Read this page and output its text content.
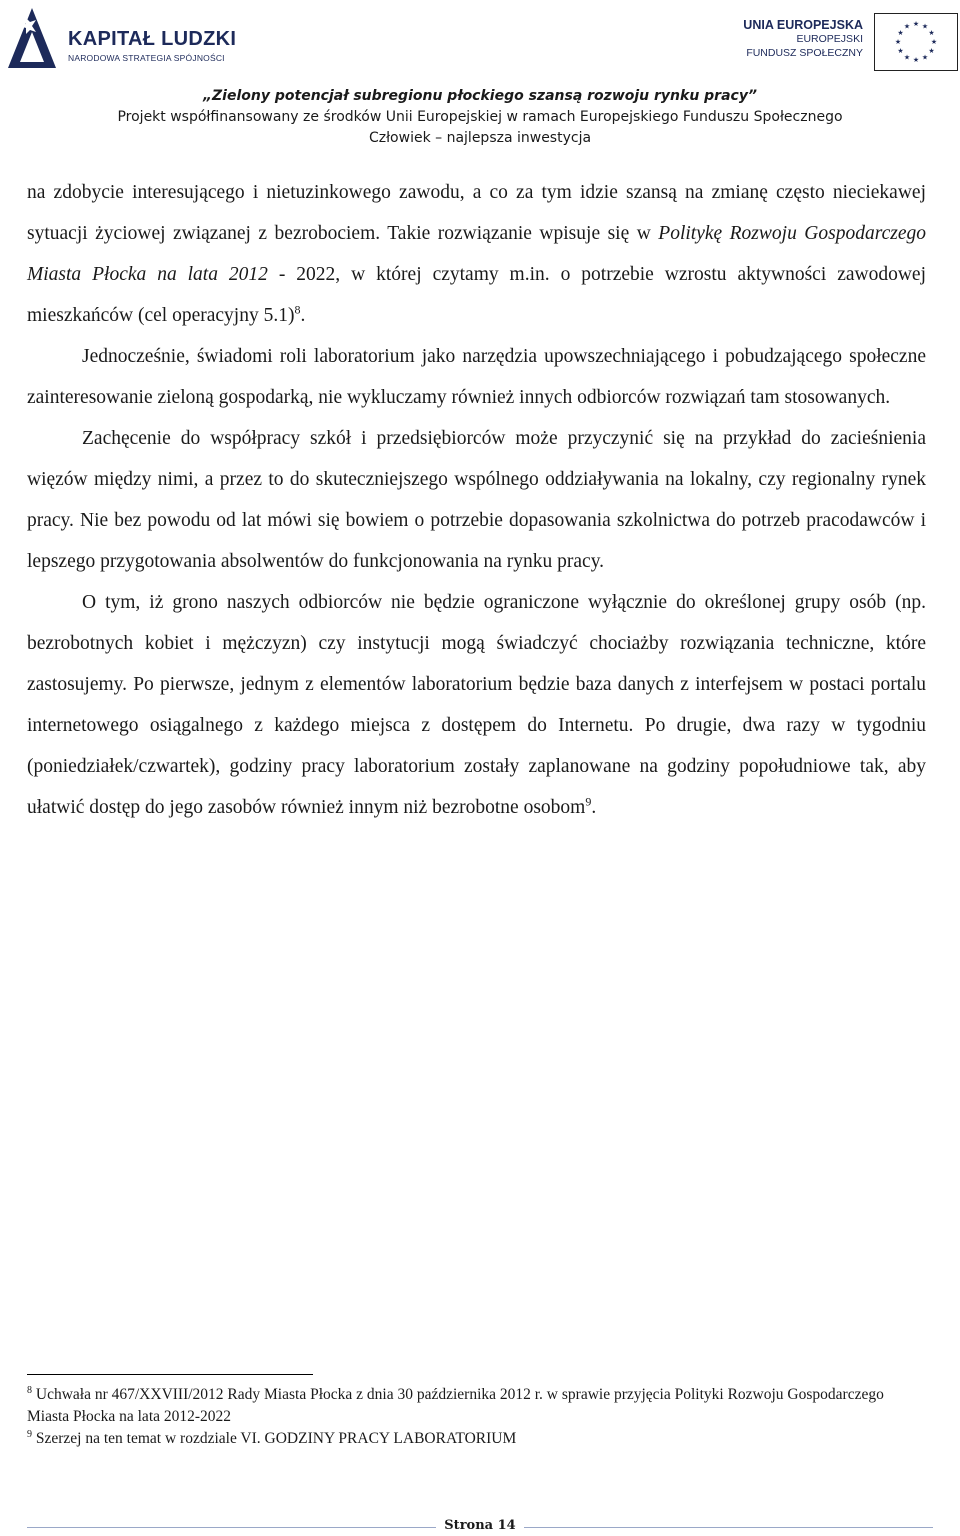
KAPITAŁ LUDZKI
NARODOWA STRATEGIA SPÓJNOŚCI
UNIA EUROPEJSKA
EUROPEJSKI
FUNDUSZ SPOŁECZNY
★ ★
★
★
★
★
★
★
★
★
★
★
„Zielony potencjał subregionu płockiego szansą rozwoju rynku pracy”
Projekt współfinansowany ze środków Unii Europejskiej w ramach Europejskiego Funduszu Społecznego
Człowiek – najlepsza inwestycja

na zdobycie interesującego i nietuzinkowego zawodu, a co za tym idzie szansą na zmianę często nieciekawej sytuacji życiowej związanej z bezrobociem. Takie rozwiązanie wpisuje się w Politykę Rozwoju Gospodarczego Miasta Płocka na lata 2012 - 2022, w której czytamy m.in. o potrzebie wzrostu aktywności zawodowej mieszkańców (cel operacyjny 5.1)$^8$.

Jednocześnie, świadomi roli laboratorium jako narzędzia upowszechniającego i pobudzającego społeczne zainteresowanie zieloną gospodarką, nie wykluczamy również innych odbiorców rozwiązań tam stosowanych.

Zachęcenie do współpracy szkół i przedsiębiorców może przyczynić się na przykład do zacieśnienia więzów między nimi, a przez to do skuteczniejszego wspólnego oddziaływania na lokalny, czy regionalny rynek pracy. Nie bez powodu od lat mówi się bowiem o potrzebie dopasowania szkolnictwa do potrzeb pracodawców i lepszego przygotowania absolwentów do funkcjonowania na rynku pracy.

O tym, iż grono naszych odbiorców nie będzie ograniczone wyłącznie do określonej grupy osób (np. bezrobotnych kobiet i mężczyzn) czy instytucji mogą świadczyć chociażby rozwiązania techniczne, które zastosujemy. Po pierwsze, jednym z elementów laboratorium będzie baza danych z interfejsem w postaci portalu internetowego osiągalnego z każdego miejsca z dostępem do Internetu. Po drugie, dwa razy w tygodniu (poniedziałek/czwartek), godziny pracy laboratorium zostały zaplanowane na godziny popołudniowe tak, aby ułatwić dostęp do jego zasobów również innym niż bezrobotne osobom$^9$.

$^8$ Uchwała nr 467/XXVIII/2012 Rady Miasta Płocka z dnia 30 października 2012 r. w sprawie przyjęcia Polityki Rozwoju Gospodarczego Miasta Płocka na lata 2012-2022

$^9$ Szerzej na ten temat w rozdziale VI. GODZINY PRACY LABORATORIUM

Strona 14
